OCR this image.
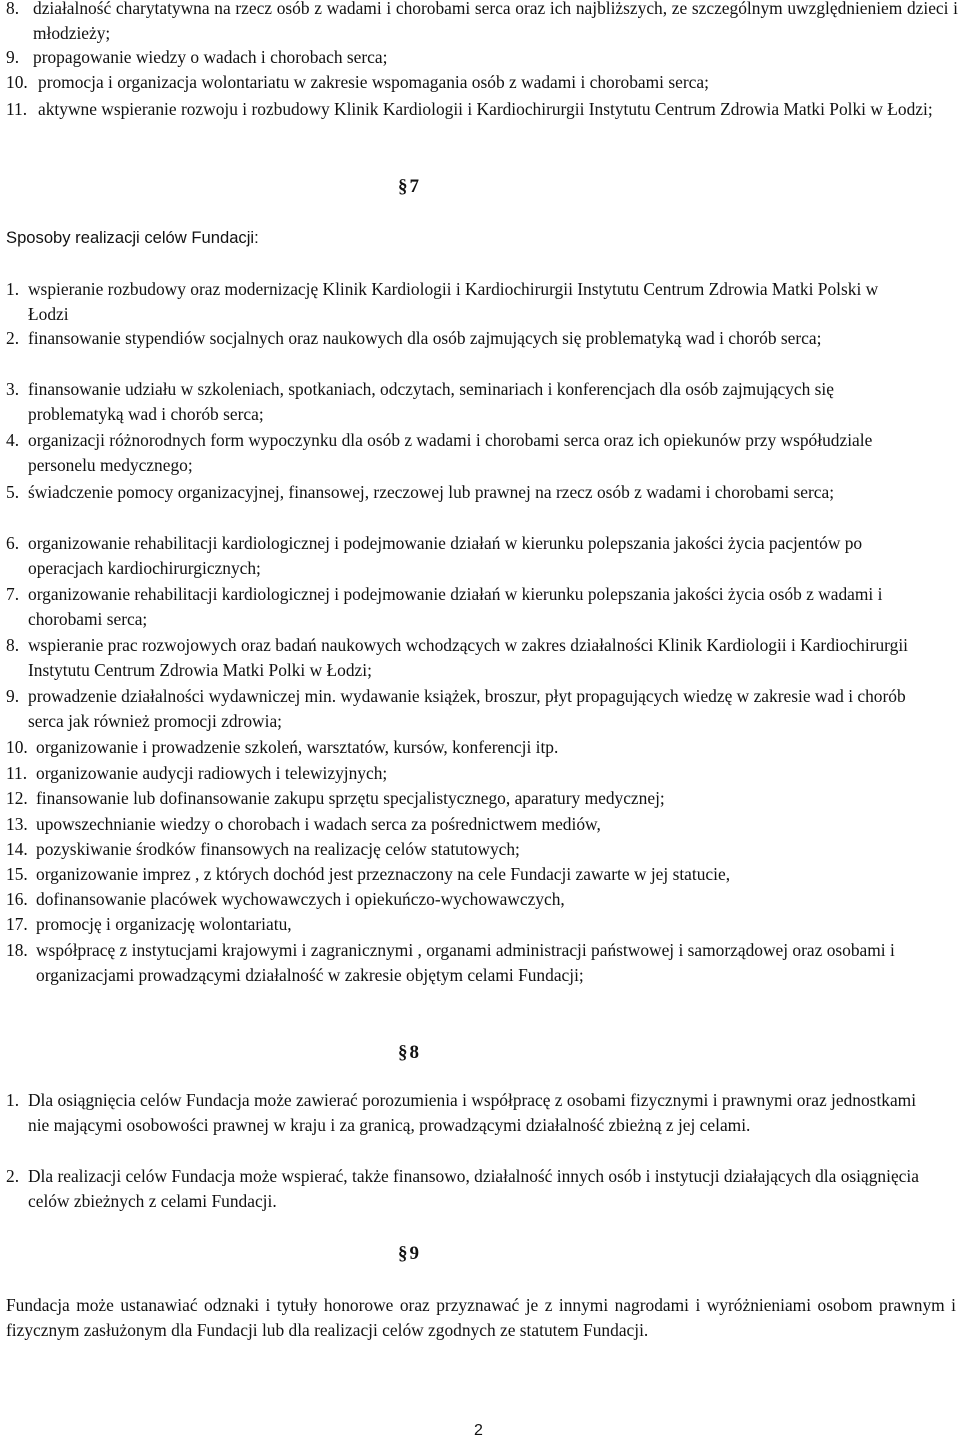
8. działalność charytatywna na rzecz osób z wadami i chorobami serca oraz ich najbliższych, ze szczególnym uwzględnieniem dzieci i młodzieży;
9. propagowanie wiedzy o wadach i chorobach serca;
10. promocja i organizacja wolontariatu w zakresie wspomagania osób z wadami i chorobami serca;
11. aktywne wspieranie rozwoju i rozbudowy Klinik Kardiologii i Kardiochirurgii Instytutu Centrum Zdrowia Matki Polki w Łodzi;
§ 7
Sposoby realizacji celów Fundacji:
1. wspieranie rozbudowy oraz modernizację Klinik Kardiologii i Kardiochirurgii Instytutu Centrum Zdrowia Matki Polski w Łodzi
2. finansowanie stypendiów socjalnych oraz naukowych dla osób zajmujących się problematyką wad i chorób serca;
3. finansowanie udziału w szkoleniach, spotkaniach, odczytach, seminariach i konferencjach dla osób zajmujących się problematyką wad i chorób serca;
4. organizacji różnorodnych form wypoczynku dla osób z wadami i chorobami serca oraz ich opiekunów przy współudziale personelu medycznego;
5. świadczenie pomocy organizacyjnej, finansowej, rzeczowej lub prawnej na rzecz osób z wadami i chorobami serca;
6. organizowanie rehabilitacji kardiologicznej i podejmowanie działań w kierunku polepszania jakości życia pacjentów po operacjach kardiochirurgicznych;
7. organizowanie rehabilitacji kardiologicznej i podejmowanie działań w kierunku polepszania jakości życia osób z wadami i chorobami serca;
8. wspieranie prac rozwojowych oraz badań naukowych wchodzących w zakres działalności Klinik Kardiologii i Kardiochirurgii Instytutu Centrum Zdrowia Matki Polki w Łodzi;
9. prowadzenie działalności wydawniczej min. wydawanie książek, broszur, płyt propagujących wiedzę w zakresie wad i chorób serca jak również promocji zdrowia;
10. organizowanie i prowadzenie szkoleń, warsztatów, kursów, konferencji itp.
11. organizowanie audycji radiowych i telewizyjnych;
12. finansowanie lub dofinansowanie zakupu sprzętu specjalistycznego, aparatury medycznej;
13. upowszechnianie wiedzy o chorobach i wadach serca za pośrednictwem mediów,
14. pozyskiwanie środków finansowych na realizację celów statutowych;
15. organizowanie imprez , z których dochód jest przeznaczony na cele Fundacji zawarte w jej statucie,
16. dofinansowanie placówek wychowawczych i opiekuńczo-wychowawczych,
17. promocję i organizację wolontariatu,
18. współpracę z instytucjami krajowymi i zagranicznymi , organami administracji państwowej i samorządowej oraz osobami i organizacjami prowadzącymi działalność w zakresie objętym celami Fundacji;
§ 8
1. Dla osiągnięcia celów Fundacja może zawierać porozumienia i współpracę z osobami fizycznymi i prawnymi oraz jednostkami nie mającymi osobowości prawnej w kraju i za granicą, prowadzącymi działalność zbieżną z jej celami.
2. Dla realizacji celów Fundacja może wspierać, także finansowo, działalność innych osób i instytucji działających dla osiągnięcia celów zbieżnych z celami Fundacji.
§ 9
Fundacja może ustanawiać odznaki i tytuły honorowe oraz przyznawać je z innymi nagrodami i wyróżnieniami osobom prawnym i fizycznym zasłużonym dla Fundacji lub dla realizacji celów zgodnych ze statutem Fundacji.
2
